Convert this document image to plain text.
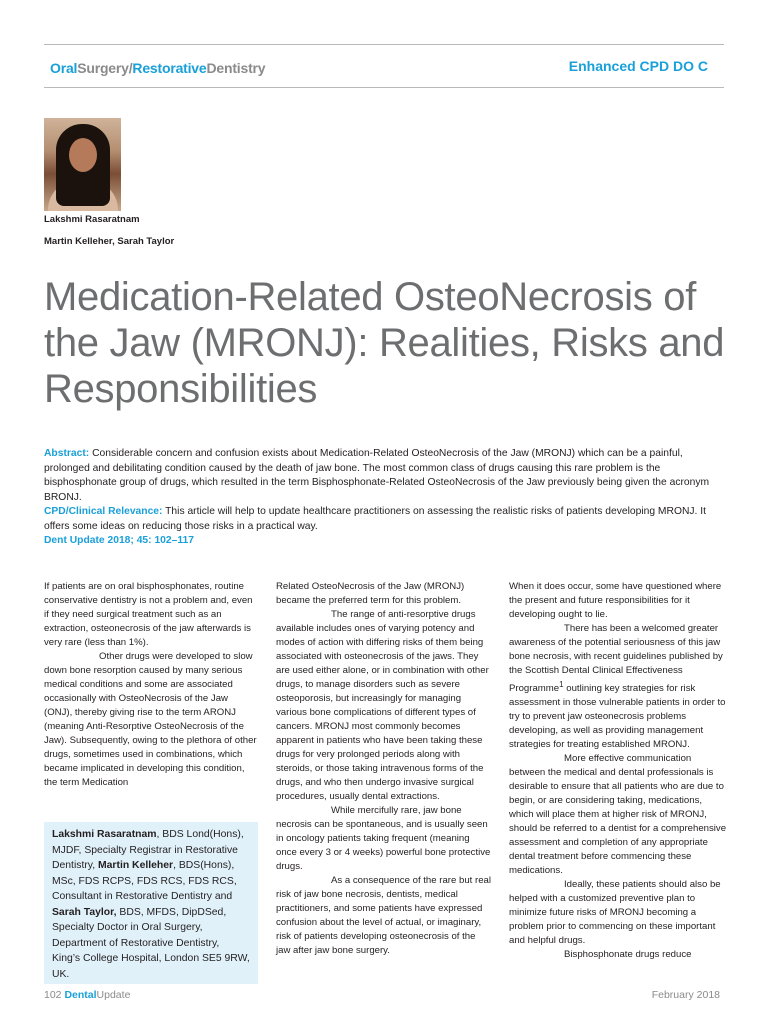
OralSurgery/RestorativeDentistry	Enhanced CPD DO C
Lakshmi Rasaratnam
Martin Kelleher, Sarah Taylor
Medication-Related OsteoNecrosis of the Jaw (MRONJ): Realities, Risks and Responsibilities

Abstract: Considerable concern and confusion exists about Medication-Related OsteoNecrosis of the Jaw (MRONJ) which can be a painful, prolonged and debilitating condition caused by the death of jaw bone. The most common class of drugs causing this rare problem is the bisphosphonate group of drugs, which resulted in the term Bisphosphonate-Related OsteoNecrosis of the Jaw previously being given the acronym BRONJ.

CPD/Clinical Relevance: This article will help to update healthcare practitioners on assessing the realistic risks of patients developing MRONJ. It offers some ideas on reducing those risks in a practical way.

Dent Update 2018; 45: 102–117

If patients are on oral bisphosphonates, routine conservative dentistry is not a problem and, even if they need surgical treatment such as an extraction, osteonecrosis of the jaw afterwards is very rare (less than 1%).

Other drugs were developed to slow down bone resorption caused by many serious medical conditions and some are associated occasionally with OsteoNecrosis of the Jaw (ONJ), thereby giving rise to the term ARONJ (meaning Anti-Resorptive OsteoNecrosis of the Jaw). Subsequently, owing to the plethora of other drugs, sometimes used in combinations, which became implicated in developing this condition, the term Medication

Lakshmi Rasaratnam, BDS Lond(Hons), MJDF, Specialty Registrar in Restorative Dentistry, Martin Kelleher, BDS(Hons), MSc, FDS RCPS, FDS RCS, FDS RCS, Consultant in Restorative Dentistry and Sarah Taylor, BDS, MFDS, DipDSed, Specialty Doctor in Oral Surgery, Department of Restorative Dentistry, King’s College Hospital, London SE5 9RW, UK.

Related OsteoNecrosis of the Jaw (MRONJ) became the preferred term for this problem.

The range of anti-resorptive drugs available includes ones of varying potency and modes of action with differing risks of them being associated with osteonecrosis of the jaws. They are used either alone, or in combination with other drugs, to manage disorders such as severe osteoporosis, but increasingly for managing various bone complications of different types of cancers. MRONJ most commonly becomes apparent in patients who have been taking these drugs for very prolonged periods along with steroids, or those taking intravenous forms of the drugs, and who then undergo invasive surgical procedures, usually dental extractions.

While mercifully rare, jaw bone necrosis can be spontaneous, and is usually seen in oncology patients taking frequent (meaning once every 3 or 4 weeks) powerful bone protective drugs.

As a consequence of the rare but real risk of jaw bone necrosis, dentists, medical practitioners, and some patients have expressed confusion about the level of actual, or imaginary, risk of patients developing osteonecrosis of the jaw after jaw bone surgery.

When it does occur, some have questioned where the present and future responsibilities for it developing ought to lie.

There has been a welcomed greater awareness of the potential seriousness of this jaw bone necrosis, with recent guidelines published by the Scottish Dental Clinical Effectiveness Programme$^1$ outlining key strategies for risk assessment in those vulnerable patients in order to try to prevent jaw osteonecrosis problems developing, as well as providing management strategies for treating established MRONJ.

More effective communication between the medical and dental professionals is desirable to ensure that all patients who are due to begin, or are considering taking, medications, which will place them at higher risk of MRONJ, should be referred to a dentist for a comprehensive assessment and completion of any appropriate dental treatment before commencing these medications.

Ideally, these patients should also be helped with a customized preventive plan to minimize future risks of MRONJ becoming a problem prior to commencing on these important and helpful drugs.

Bisphosphonate drugs reduce

102 DentalUpdate	February 2018
